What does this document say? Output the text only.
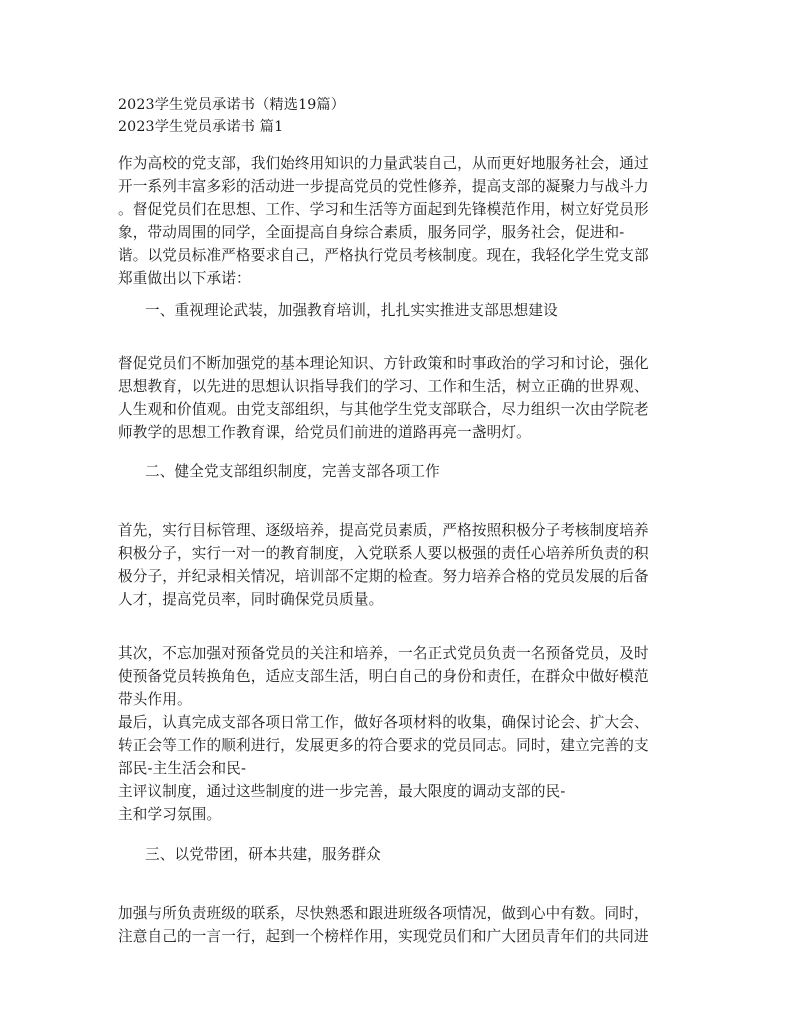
2023学生党员承诺书（精选19篇）
2023学生党员承诺书 篇1
作为高校的党支部，我们始终用知识的力量武装自己，从而更好地服务社会，通过
开一系列丰富多彩的活动进一步提高党员的党性修养，提高支部的凝聚力与战斗力
。督促党员们在思想、工作、学习和生活等方面起到先锋模范作用，树立好党员形
象，带动周围的同学，全面提高自身综合素质，服务同学，服务社会，促进和-
谐。以党员标准严格要求自己，严格执行党员考核制度。现在，我轻化学生党支部
郑重做出以下承诺：
一、重视理论武装，加强教育培训，扎扎实实推进支部思想建设
督促党员们不断加强党的基本理论知识、方针政策和时事政治的学习和讨论，强化
思想教育，以先进的思想认识指导我们的学习、工作和生活，树立正确的世界观、
人生观和价值观。由党支部组织，与其他学生党支部联合，尽力组织一次由学院老
师教学的思想工作教育课，给党员们前进的道路再亮一盏明灯。
二、健全党支部组织制度，完善支部各项工作
首先，实行目标管理、逐级培养，提高党员素质，严格按照积极分子考核制度培养
积极分子，实行一对一的教育制度，入党联系人要以极强的责任心培养所负责的积
极分子，并纪录相关情况，培训部不定期的检查。努力培养合格的党员发展的后备
人才，提高党员率，同时确保党员质量。
其次，不忘加强对预备党员的关注和培养，一名正式党员负责一名预备党员，及时
使预备党员转换角色，适应支部生活，明白自己的身份和责任，在群众中做好模范
带头作用。
最后，认真完成支部各项日常工作，做好各项材料的收集，确保讨论会、扩大会、
转正会等工作的顺利进行，发展更多的符合要求的党员同志。同时，建立完善的支
部民-主生活会和民-
主评议制度，通过这些制度的进一步完善，最大限度的调动支部的民-
主和学习氛围。
三、以党带团，研本共建，服务群众
加强与所负责班级的联系，尽快熟悉和跟进班级各项情况，做到心中有数。同时，
注意自己的一言一行，起到一个榜样作用，实现党员们和广大团员青年们的共同进
